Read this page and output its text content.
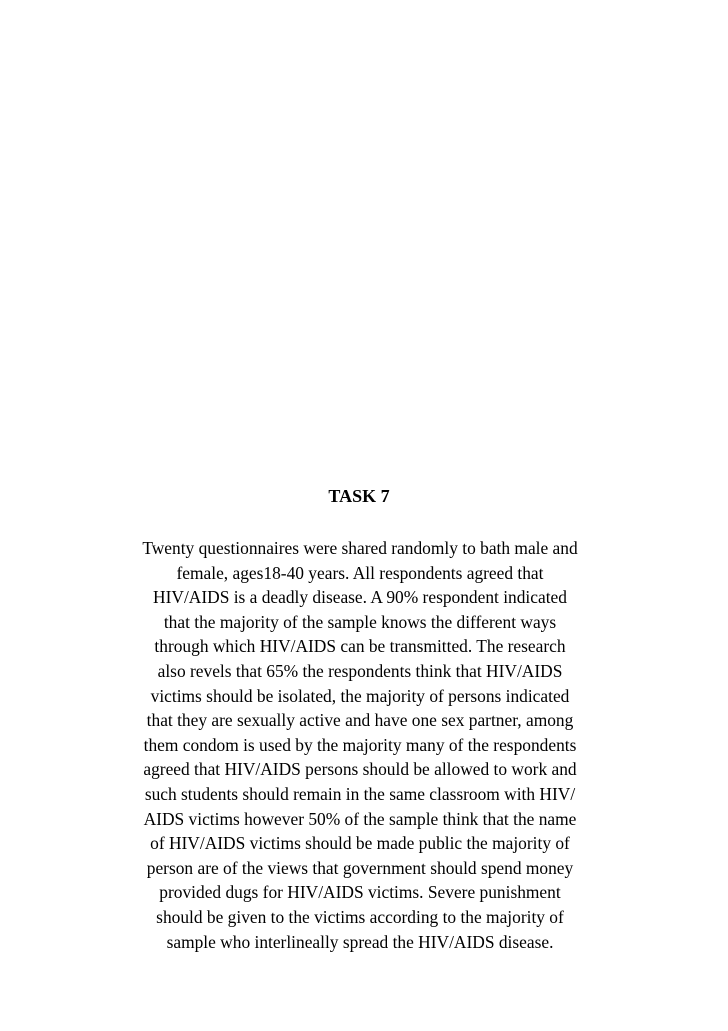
TASK 7
Twenty questionnaires were shared randomly to bath male and
female, ages18-40 years. All respondents agreed that
HIV/AIDS is a deadly disease. A 90% respondent indicated
that the majority of the sample knows the different ways
through which HIV/AIDS can be transmitted. The research
also revels that 65% the respondents think that HIV/AIDS
victims should be isolated, the majority of persons indicated
that they are sexually active and have one sex partner, among
them condom is used by the majority many of the respondents
agreed that HIV/AIDS persons should be allowed to work and
such students should remain in the same classroom with HIV/
AIDS victims however 50% of the sample think that the name
of HIV/AIDS victims should be made public the majority of
person are of the views that government should spend money
provided dugs for HIV/AIDS victims. Severe punishment
should be given to the victims according to the majority of
sample who interlineally spread the HIV/AIDS disease.
